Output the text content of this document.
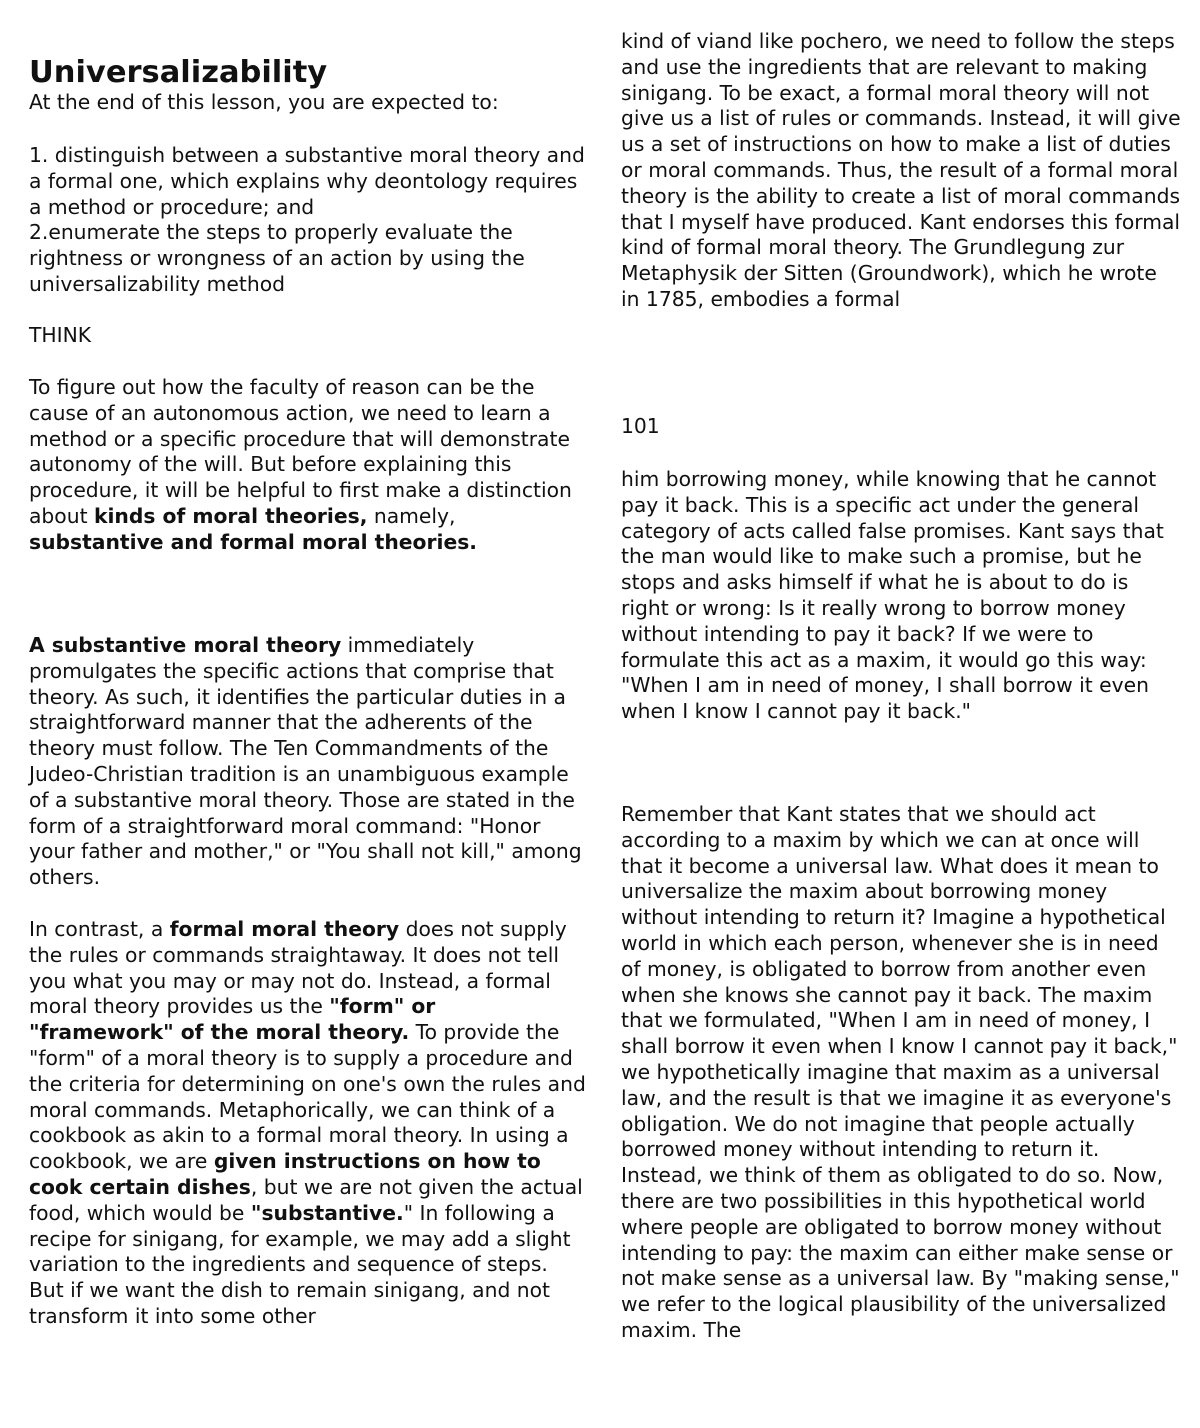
Universalizability

At the end of this lesson, you are expected to:

1. distinguish between a substantive moral theory and a formal one, which explains why deontology requires a method or procedure; and

2.enumerate the steps to properly evaluate the rightness or wrongness of an action by using the universalizability method

THINK

To figure out how the faculty of reason can be the cause of an autonomous action, we need to learn a method or a specific procedure that will demonstrate autonomy of the will. But before explaining this procedure, it will be helpful to first make a distinction about kinds of moral theories, namely, substantive and formal moral theories.

A substantive moral theory immediately promulgates the specific actions that comprise that theory. As such, it identifies the particular duties in a straightforward manner that the adherents of the theory must follow. The Ten Commandments of the Judeo-Christian tradition is an unambiguous example of a substantive moral theory. Those are stated in the form of a straightforward moral command: "Honor your father and mother," or "You shall not kill," among others.

In contrast, a formal moral theory does not supply the rules or commands straightaway. It does not tell you what you may or may not do. Instead, a formal moral theory provides us the "form" or "framework" of the moral theory. To provide the "form" of a moral theory is to supply a procedure and the criteria for determining on one's own the rules and moral commands. Metaphorically, we can think of a cookbook as akin to a formal moral theory. In using a cookbook, we are given instructions on how to cook certain dishes, but we are not given the actual food, which would be "substantive." In following a recipe for sinigang, for example, we may add a slight variation to the ingredients and sequence of steps. But if we want the dish to remain sinigang, and not transform it into some other

kind of viand like pochero, we need to follow the steps and use the ingredients that are relevant to making sinigang. To be exact, a formal moral theory will not give us a list of rules or commands. Instead, it will give us a set of instructions on how to make a list of duties or moral commands. Thus, the result of a formal moral theory is the ability to create a list of moral commands that I myself have produced. Kant endorses this formal kind of formal moral theory. The Grundlegung zur Metaphysik der Sitten (Groundwork), which he wrote in 1785, embodies a formal

101

him borrowing money, while knowing that he cannot pay it back. This is a specific act under the general category of acts called false promises. Kant says that the man would like to make such a promise, but he stops and asks himself if what he is about to do is right or wrong: Is it really wrong to borrow money without intending to pay it back? If we were to formulate this act as a maxim, it would go this way: "When I am in need of money, I shall borrow it even when I know I cannot pay it back."

Remember that Kant states that we should act according to a maxim by which we can at once will that it become a universal law. What does it mean to universalize the maxim about borrowing money without intending to return it? Imagine a hypothetical world in which each person, whenever she is in need of money, is obligated to borrow from another even when she knows she cannot pay it back. The maxim that we formulated, "When I am in need of money, I shall borrow it even when I know I cannot pay it back," we hypothetically imagine that maxim as a universal law, and the result is that we imagine it as everyone's obligation. We do not imagine that people actually borrowed money without intending to return it. Instead, we think of them as obligated to do so. Now, there are two possibilities in this hypothetical world where people are obligated to borrow money without intending to pay: the maxim can either make sense or not make sense as a universal law. By "making sense," we refer to the logical plausibility of the universalized maxim. The
